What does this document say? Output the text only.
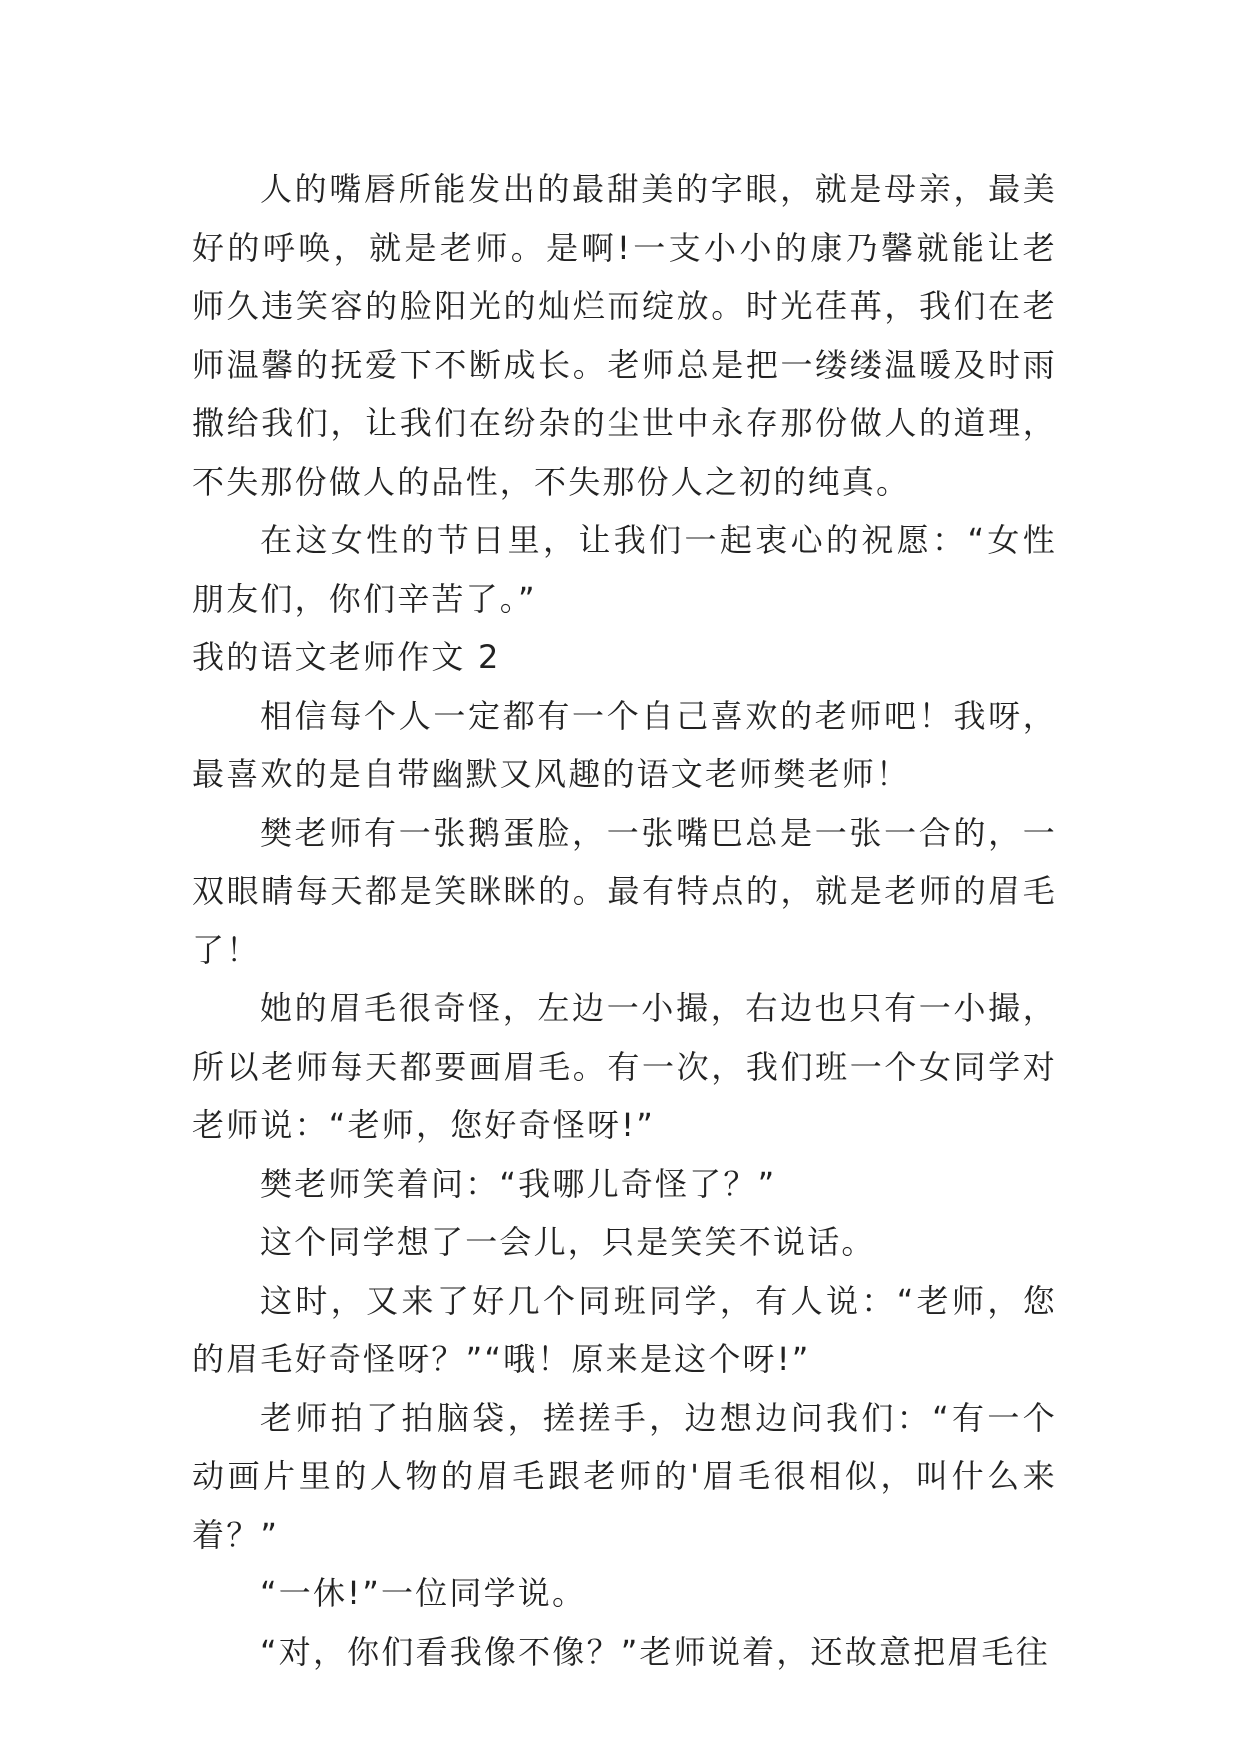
人的嘴唇所能发出的最甜美的字眼，就是母亲，最美好的呼唤，就是老师。是啊!一支小小的康乃馨就能让老师久违笑容的脸阳光的灿烂而绽放。时光荏苒，我们在老师温馨的抚爱下不断成长。老师总是把一缕缕温暖及时雨撒给我们，让我们在纷杂的尘世中永存那份做人的道理，不失那份做人的品性，不失那份人之初的纯真。

在这女性的节日里，让我们一起衷心的祝愿：“女性朋友们，你们辛苦了。”

我的语文老师作文 2

相信每个人一定都有一个自己喜欢的老师吧！我呀，最喜欢的是自带幽默又风趣的语文老师樊老师！

樊老师有一张鹅蛋脸，一张嘴巴总是一张一合的，一双眼睛每天都是笑眯眯的。最有特点的，就是老师的眉毛了！

她的眉毛很奇怪，左边一小撮，右边也只有一小撮，所以老师每天都要画眉毛。有一次，我们班一个女同学对老师说：“老师，您好奇怪呀!”

樊老师笑着问：“我哪儿奇怪了？”

这个同学想了一会儿，只是笑笑不说话。

这时，又来了好几个同班同学，有人说：“老师，您的眉毛好奇怪呀？”“哦！原来是这个呀!”

老师拍了拍脑袋，搓搓手，边想边问我们：“有一个动画片里的人物的眉毛跟老师的'眉毛很相似，叫什么来着？”

“一休!”一位同学说。

“对，你们看我像不像？”老师说着，还故意把眉毛往
